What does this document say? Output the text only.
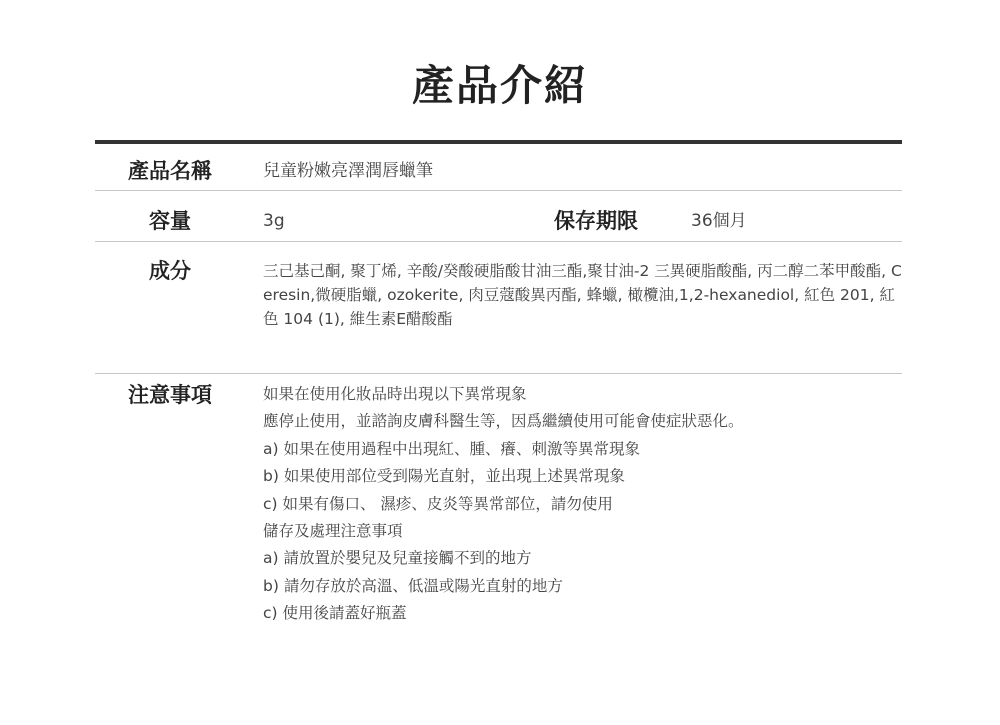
產品介紹
產品名稱	兒童粉嫩亮澤潤唇蠟筆
容量	3g	保存期限	36個月
成分	三己基己酮, 聚丁烯, 辛酸/癸酸硬脂酸甘油三酯,聚甘油-2 三異硬脂酸酯, 丙二醇二苯甲酸酯, Ceresin,微硬脂蠟, ozokerite, 肉豆蔻酸異丙酯, 蜂蠟, 橄欖油,1,2-hexanediol, 紅色 201, 紅色 104 (1), 維生素E醋酸酯
注意事項	如果在使用化妝品時出現以下異常現象
應停止使用，並諮詢皮膚科醫生等，因爲繼續使用可能會使症狀惡化。
a) 如果在使用過程中出現紅、腫、癢、刺激等異常現象
b) 如果使用部位受到陽光直射，並出現上述異常現象
c) 如果有傷口、 濕疹、皮炎等異常部位，請勿使用
儲存及處理注意事項
a) 請放置於嬰兒及兒童接觸不到的地方
b) 請勿存放於高溫、低溫或陽光直射的地方
c) 使用後請蓋好瓶蓋
